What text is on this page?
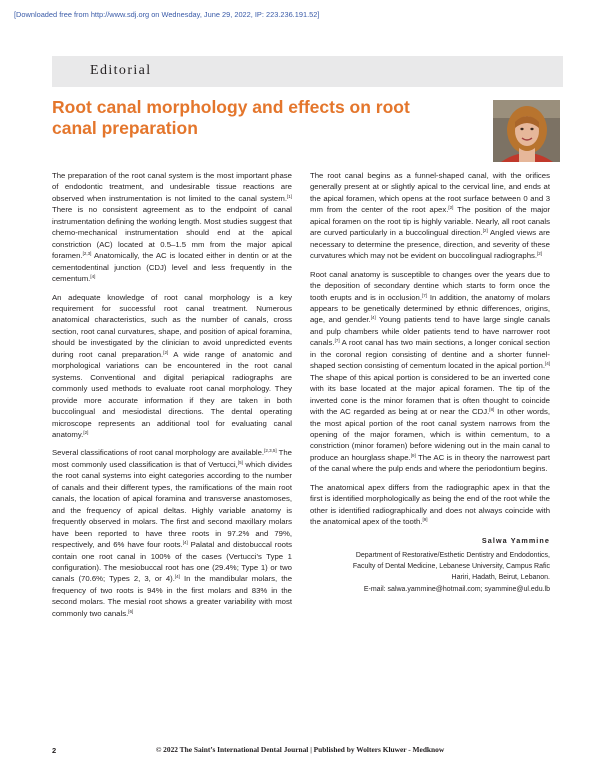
[Downloaded free from http://www.sdj.org on Wednesday, June 29, 2022, IP: 223.236.191.52]
Editorial
Root canal morphology and effects on root canal preparation

The preparation of the root canal system is the most important phase of endodontic treatment, and undesirable tissue reactions are observed when instrumentation is not limited to the canal system.[1] There is no consistent agreement as to the endpoint of canal instrumentation defining the working length. Most studies suggest that chemo-mechanical instrumentation should end at the apical constriction (AC) located at 0.5–1.5 mm from the major apical foramen.[2,3] Anatomically, the AC is located either in dentin or at the cementodentinal junction (CDJ) level and less frequently in the cementum.[4]

An adequate knowledge of root canal morphology is a key requirement for successful root canal treatment. Numerous anatomical characteristics, such as the number of canals, cross section, root canal curvatures, shape, and position of apical foramina, should be investigated by the clinician to avoid unpredicted events during root canal preparation.[2] A wide range of anatomic and morphological variations can be encountered in the root canal systems. Conventional and digital periapical radiographs are commonly used methods to evaluate root canal morphology. They provide more accurate information if they are taken in both buccolingual and mesiodistal directions. The dental operating microscope represents an additional tool for evaluating canal anatomy.[2]

Several classifications of root canal morphology are available.[2,3,5] The most commonly used classification is that of Vertucci,[5] which divides the root canal systems into eight categories according to the number of canals and their different types, the ramifications of the main root canals, the location of apical foramina and transverse anastomoses, and the frequency of apical deltas. Highly variable anatomy is frequently observed in molars. The first and second maxillary molars have been reported to have three roots in 97.2% and 79%, respectively, and 6% have four roots.[4] Palatal and distobuccal roots contain one root canal in 100% of the cases (Vertucci’s Type 1 configuration). The mesiobuccal root has one (29.4%; Type 1) or two canals (70.6%; Types 2, 3, or 4).[4] In the mandibular molars, the frequency of two roots is 94% in the first molars and 83% in the second molars. The mesial root shows a greater variability with most commonly two canals.[6]

The root canal begins as a funnel-shaped canal, with the orifices generally present at or slightly apical to the cervical line, and ends at the apical foramen, which opens at the root surface between 0 and 3 mm from the center of the root apex.[2] The position of the major apical foramen on the root tip is highly variable. Nearly, all root canals are curved particularly in a buccolingual direction.[2] Angled views are necessary to determine the presence, direction, and severity of these curvatures which may not be evident on buccolingual radiographs.[2]

Root canal anatomy is susceptible to changes over the years due to the deposition of secondary dentine which starts to form once the tooth erupts and is in occlusion.[7] In addition, the anatomy of molars appears to be genetically determined by ethnic differences, origins, age, and gender.[4] Young patients tend to have large single canals and pulp chambers while older patients tend to have narrower root canals.[7] A root canal has two main sections, a longer conical section in the coronal region consisting of dentine and a shorter funnel-shaped section consisting of cementum located in the apical portion.[4] The shape of this apical portion is considered to be an inverted cone with its base located at the major apical foramen. The tip of the inverted cone is the minor foramen that is often thought to coincide with the AC regarded as being at or near the CDJ.[8] In other words, the most apical portion of the root canal system narrows from the opening of the major foramen, which is within cementum, to a constriction (minor foramen) before widening out in the main canal to produce an hourglass shape.[9] The AC is in theory the narrowest part of the canal where the pulp ends and where the periodontium begins.

The anatomical apex differs from the radiographic apex in that the first is identified morphologically as being the end of the root while the other is identified radiographically and does not always coincide with the anatomical apex of the tooth.[9]

Salwa Yammine
Department of Restorative/Esthetic Dentistry and Endodontics,
Faculty of Dental Medicine, Lebanese University, Campus Rafic
Hariri, Hadath, Beirut, Lebanon.
E-mail: salwa.yammine@hotmail.com; syammine@ul.edu.lb
2	© 2022 The Saint’s International Dental Journal | Published by Wolters Kluwer - Medknow
